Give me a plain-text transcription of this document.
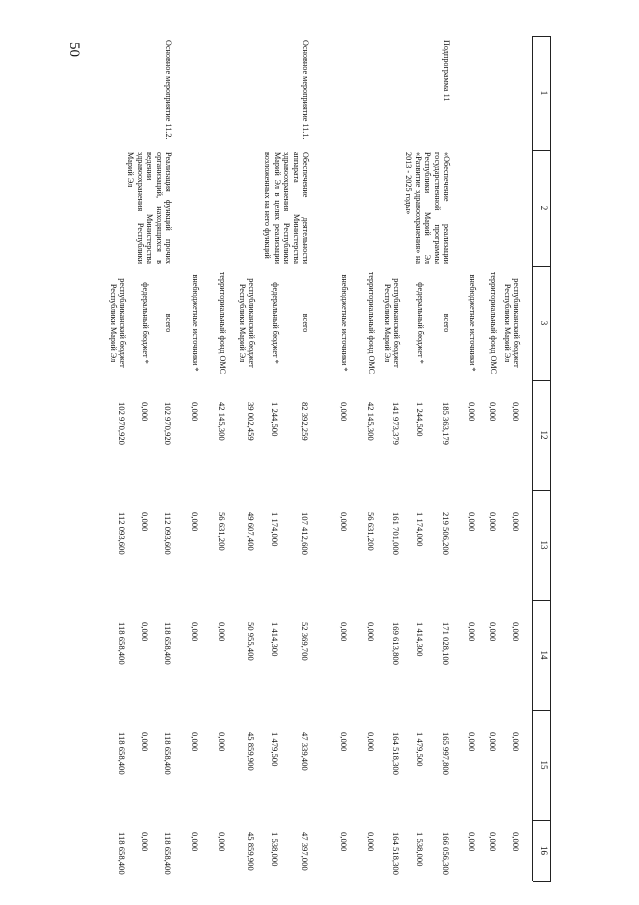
50
1
2
3
12
13
14
15
16
республиканский бюджет Республики Марий Эл
0,000
0,000
0,000
0,000
0,000
территориальный фонд ОМС
0,000
0,000
0,000
0,000
0,000
внебюджетные источники *
0,000
0,000
0,000
0,000
0,000
Подпрограмма 11
«Обеспечение реализации государственной программы Республики Марий Эл «Развитие здравоохранения» на 2013 - 2025 годы»
всего
185 363,179
219 506,200
171 028,100
165 997,800
166 056,300
федеральный бюджет *
1 244,500
1 174,000
1 414,300
1 479,500
1 538,000
республиканский бюджет Республики Марий Эл
141 973,379
161 701,000
169 613,800
164 518,300
164 518,300
территориальный фонд ОМС
42 145,300
56 631,200
0,000
0,000
0,000
внебюджетные источники *
0,000
0,000
0,000
0,000
0,000
Основное мероприятие 11.1.
Обеспечение деятельности аппарата Министерства здравоохранения Республики Марий Эл в целях реализации возложенных на него функций
всего
82 392,259
107 412,600
52 369,700
47 339,400
47 397,000
федеральный бюджет *
1 244,500
1 174,000
1 414,300
1 479,500
1 538,000
республиканский бюджет Республики Марий Эл
39 002,459
49 607,400
50 955,400
45 859,900
45 859,900
территориальный фонд ОМС
42 145,300
56 631,200
0,000
0,000
0,000
внебюджетные источники *
0,000
0,000
0,000
0,000
0,000
Основное мероприятие 11.2.
Реализация функций прочих организаций, находящихся в ведении Министерства здравоохранения Республики Марий Эл
всего
102 970,920
112 093,600
118 658,400
118 658,400
118 658,400
федеральный бюджет *
0,000
0,000
0,000
0,000
0,000
республиканский бюджет Республики Марий Эл
102 970,920
112 093,600
118 658,400
118 658,400
118 658,400
